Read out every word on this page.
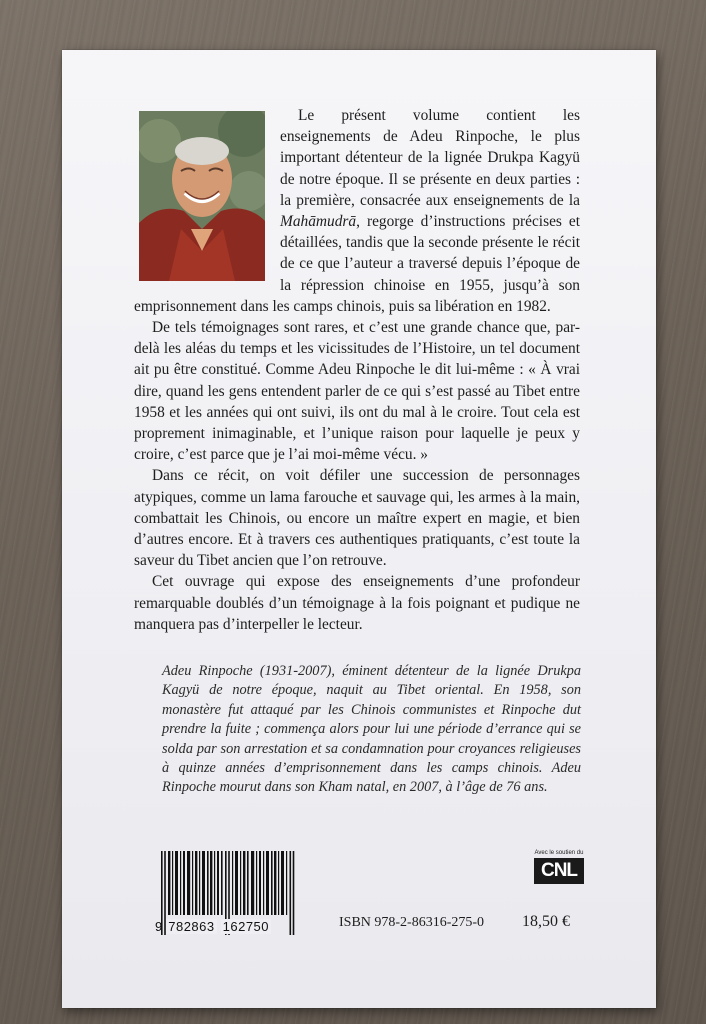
Le présent volume contient les enseignements de Adeu Rinpoche, le plus important détenteur de la lignée Drukpa Kagyü de notre époque. Il se présente en deux parties : la première, consacrée aux enseignements de la Mahāmudrā, regorge d’instructions précises et détaillées, tandis que la seconde présente le récit de ce que l’auteur a traversé depuis l’époque de la répression chinoise en 1955, jusqu’à son emprisonnement dans les camps chinois, puis sa libération en 1982.

De tels témoignages sont rares, et c’est une grande chance que, par-delà les aléas du temps et les vicissitudes de l’Histoire, un tel document ait pu être constitué. Comme Adeu Rinpoche le dit lui-même : « À vrai dire, quand les gens entendent parler de ce qui s’est passé au Tibet entre 1958 et les années qui ont suivi, ils ont du mal à le croire. Tout cela est proprement inimaginable, et l’unique raison pour laquelle je peux y croire, c’est parce que je l’ai moi-même vécu. »

Dans ce récit, on voit défiler une succession de personnages atypiques, comme un lama farouche et sauvage qui, les armes à la main, combattait les Chinois, ou encore un maître expert en magie, et bien d’autres encore. Et à travers ces authentiques pratiquants, c’est toute la saveur du Tibet ancien que l’on retrouve.

Cet ouvrage qui expose des enseignements d’une profondeur remarquable doublés d’un témoignage à la fois poignant et pudique ne manquera pas d’interpeller le lecteur.

Adeu Rinpoche (1931-2007), éminent détenteur de la lignée Drukpa Kagyü de notre époque, naquit au Tibet oriental. En 1958, son monastère fut attaqué par les Chinois communistes et Rinpoche dut prendre la fuite ; commença alors pour lui une période d’errance qui se solda par son arrestation et sa condamnation pour croyances religieuses à quinze années d’emprisonnement dans les camps chinois. Adeu Rinpoche mourut dans son Kham natal, en 2007, à l’âge de 76 ans.
9 782863 162750	ISBN 978-2-86316-275-0 18,50 €
Avec le soutien du
CNL
